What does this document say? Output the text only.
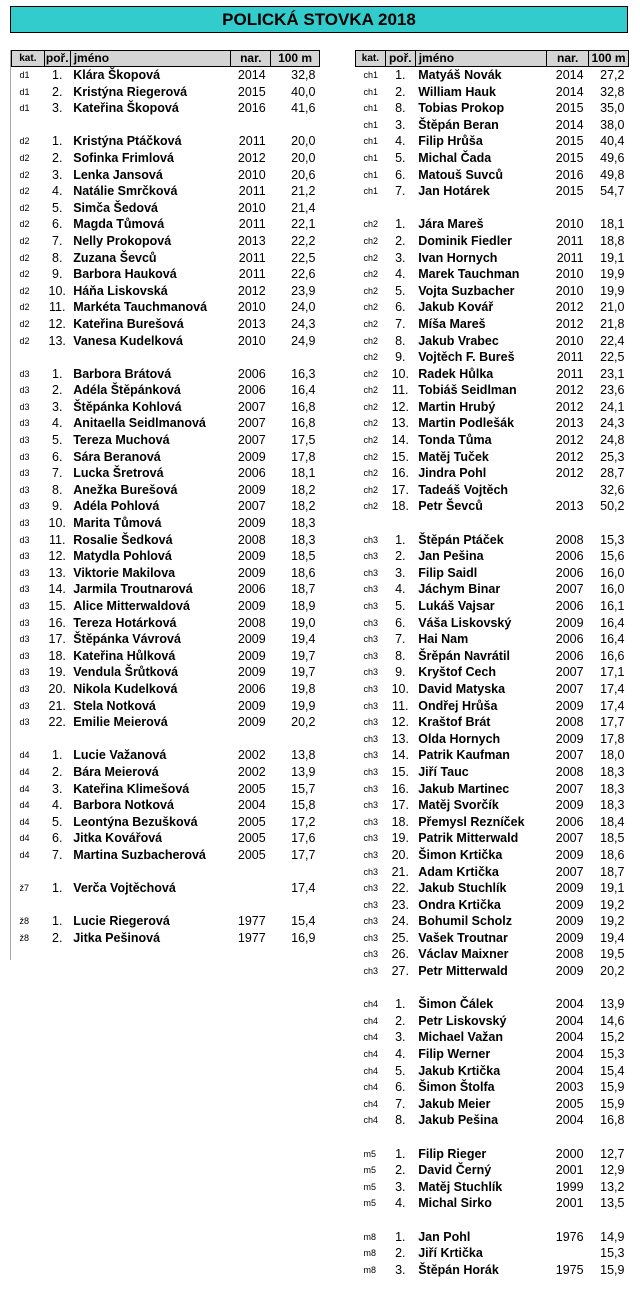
POLICKÁ STOVKA 2018
kat.	poř.	jméno	nar.	100 m
d1	1.	Klára Škopová	2014	32,8
d1	2.	Kristýna Riegerová	2015	40,0
d1	3.	Kateřina Škopová	2016	41,6

d2	1.	Kristýna Ptáčková	2011	20,0
d2	2.	Sofinka Frimlová	2012	20,0
d2	3.	Lenka Jansová	2010	20,6
d2	4.	Natálie Smrčková	2011	21,2
d2	5.	Simča Šedová	2010	21,4
d2	6.	Magda Tůmová	2011	22,1
d2	7.	Nelly Prokopová	2013	22,2
d2	8.	Zuzana Ševců	2011	22,5
d2	9.	Barbora Hauková	2011	22,6
d2	10.	Háňa Liskovská	2012	23,9
d2	11.	Markéta Tauchmanová	2010	24,0
d2	12.	Kateřina Burešová	2013	24,3
d2	13.	Vanesa Kudelková	2010	24,9

d3	1.	Barbora Brátová	2006	16,3
d3	2.	Adéla Štěpánková	2006	16,4
d3	3.	Štěpánka Kohlová	2007	16,8
d3	4.	Anitaella Seidlmanová	2007	16,8
d3	5.	Tereza Muchová	2007	17,5
d3	6.	Sára Beranová	2009	17,8
d3	7.	Lucka Šretrová	2006	18,1
d3	8.	Anežka Burešová	2009	18,2
d3	9.	Adéla Pohlová	2007	18,2
d3	10.	Marita Tůmová	2009	18,3
d3	11.	Rosalie Šedková	2008	18,3
d3	12.	Matydla Pohlová	2009	18,5
d3	13.	Viktorie Makilova	2009	18,6
d3	14.	Jarmila Troutnarová	2006	18,7
d3	15.	Alice Mitterwaldová	2009	18,9
d3	16.	Tereza Hotárková	2008	19,0
d3	17.	Štěpánka Vávrová	2009	19,4
d3	18.	Kateřina Hůlková	2009	19,7
d3	19.	Vendula Šrůtková	2009	19,7
d3	20.	Nikola Kudelková	2006	19,8
d3	21.	Stela Notková	2009	19,9
d3	22.	Emilie Meierová	2009	20,2

d4	1.	Lucie Važanová	2002	13,8
d4	2.	Bára Meierová	2002	13,9
d4	3.	Kateřina Klimešová	2005	15,7
d4	4.	Barbora Notková	2004	15,8
d4	5.	Leontýna Bezušková	2005	17,2
d4	6.	Jitka Kovářová	2005	17,6
d4	7.	Martina Suzbacherová	2005	17,7

ž7	1.	Verča Vojtěchová		17,4

ž8	1.	Lucie Riegerová	1977	15,4
ž8	2.	Jitka Pešinová	1977	16,9
kat.	poř.	jméno	nar.	100 m
ch1	1.	Matyáš Novák	2014	27,2
ch1	2.	William Hauk	2014	32,8
ch1	8.	Tobias Prokop	2015	35,0
ch1	3.	Štěpán Beran	2014	38,0
ch1	4.	Filip Hrůša	2015	40,4
ch1	5.	Michal Čada	2015	49,6
ch1	6.	Matouš Suvců	2016	49,8
ch1	7.	Jan Hotárek	2015	54,7

ch2	1.	Jára Mareš	2010	18,1
ch2	2.	Dominik Fiedler	2011	18,8
ch2	3.	Ivan Hornych	2011	19,1
ch2	4.	Marek Tauchman	2010	19,9
ch2	5.	Vojta Suzbacher	2010	19,9
ch2	6.	Jakub Kovář	2012	21,0
ch2	7.	Míša Mareš	2012	21,8
ch2	8.	Jakub Vrabec	2010	22,4
ch2	9.	Vojtěch F. Bureš	2011	22,5
ch2	10.	Radek Hůlka	2011	23,1
ch2	11.	Tobiáš Seidlman	2012	23,6
ch2	12.	Martin Hrubý	2012	24,1
ch2	13.	Martin Podlešák	2013	24,3
ch2	14.	Tonda Tůma	2012	24,8
ch2	15.	Matěj Tuček	2012	25,3
ch2	16.	Jindra Pohl	2012	28,7
ch2	17.	Tadeáš Vojtěch		32,6
ch2	18.	Petr Ševců	2013	50,2

ch3	1.	Štěpán Ptáček	2008	15,3
ch3	2.	Jan Pešina	2006	15,6
ch3	3.	Filip Saidl	2006	16,0
ch3	4.	Jáchym Binar	2007	16,0
ch3	5.	Lukáš Vajsar	2006	16,1
ch3	6.	Váša Liskovský	2009	16,4
ch3	7.	Hai Nam	2006	16,4
ch3	8.	Šrěpán Navrátil	2006	16,6
ch3	9.	Kryštof Cech	2007	17,1
ch3	10.	David Matyska	2007	17,4
ch3	11.	Ondřej Hrůša	2009	17,4
ch3	12.	Kraštof Brát	2008	17,7
ch3	13.	Olda Hornych	2009	17,8
ch3	14.	Patrik Kaufman	2007	18,0
ch3	15.	Jiří Tauc	2008	18,3
ch3	16.	Jakub Martinec	2007	18,3
ch3	17.	Matěj Svorčík	2009	18,3
ch3	18.	Přemysl Rezníček	2006	18,4
ch3	19.	Patrik Mitterwald	2007	18,5
ch3	20.	Šimon Krtička	2009	18,6
ch3	21.	Adam Krtička	2007	18,7
ch3	22.	Jakub Stuchlík	2009	19,1
ch3	23.	Ondra Krtička	2009	19,2
ch3	24.	Bohumil Scholz	2009	19,2
ch3	25.	Vašek Troutnar	2009	19,4
ch3	26.	Václav Maixner	2008	19,5
ch3	27.	Petr Mitterwald	2009	20,2

ch4	1.	Šimon Čálek	2004	13,9
ch4	2.	Petr Liskovský	2004	14,6
ch4	3.	Michael Važan	2004	15,2
ch4	4.	Filip Werner	2004	15,3
ch4	5.	Jakub Krtička	2004	15,4
ch4	6.	Šimon Štolfa	2003	15,9
ch4	7.	Jakub Meier	2005	15,9
ch4	8.	Jakub Pešina	2004	16,8

m5	1.	Filip Rieger	2000	12,7
m5	2.	David Černý	2001	12,9
m5	3.	Matěj Stuchlík	1999	13,2
m5	4.	Michal Sirko	2001	13,5

m8	1.	Jan Pohl	1976	14,9
m8	2.	Jiří Krtička		15,3
m8	3.	Štěpán Horák	1975	15,9
